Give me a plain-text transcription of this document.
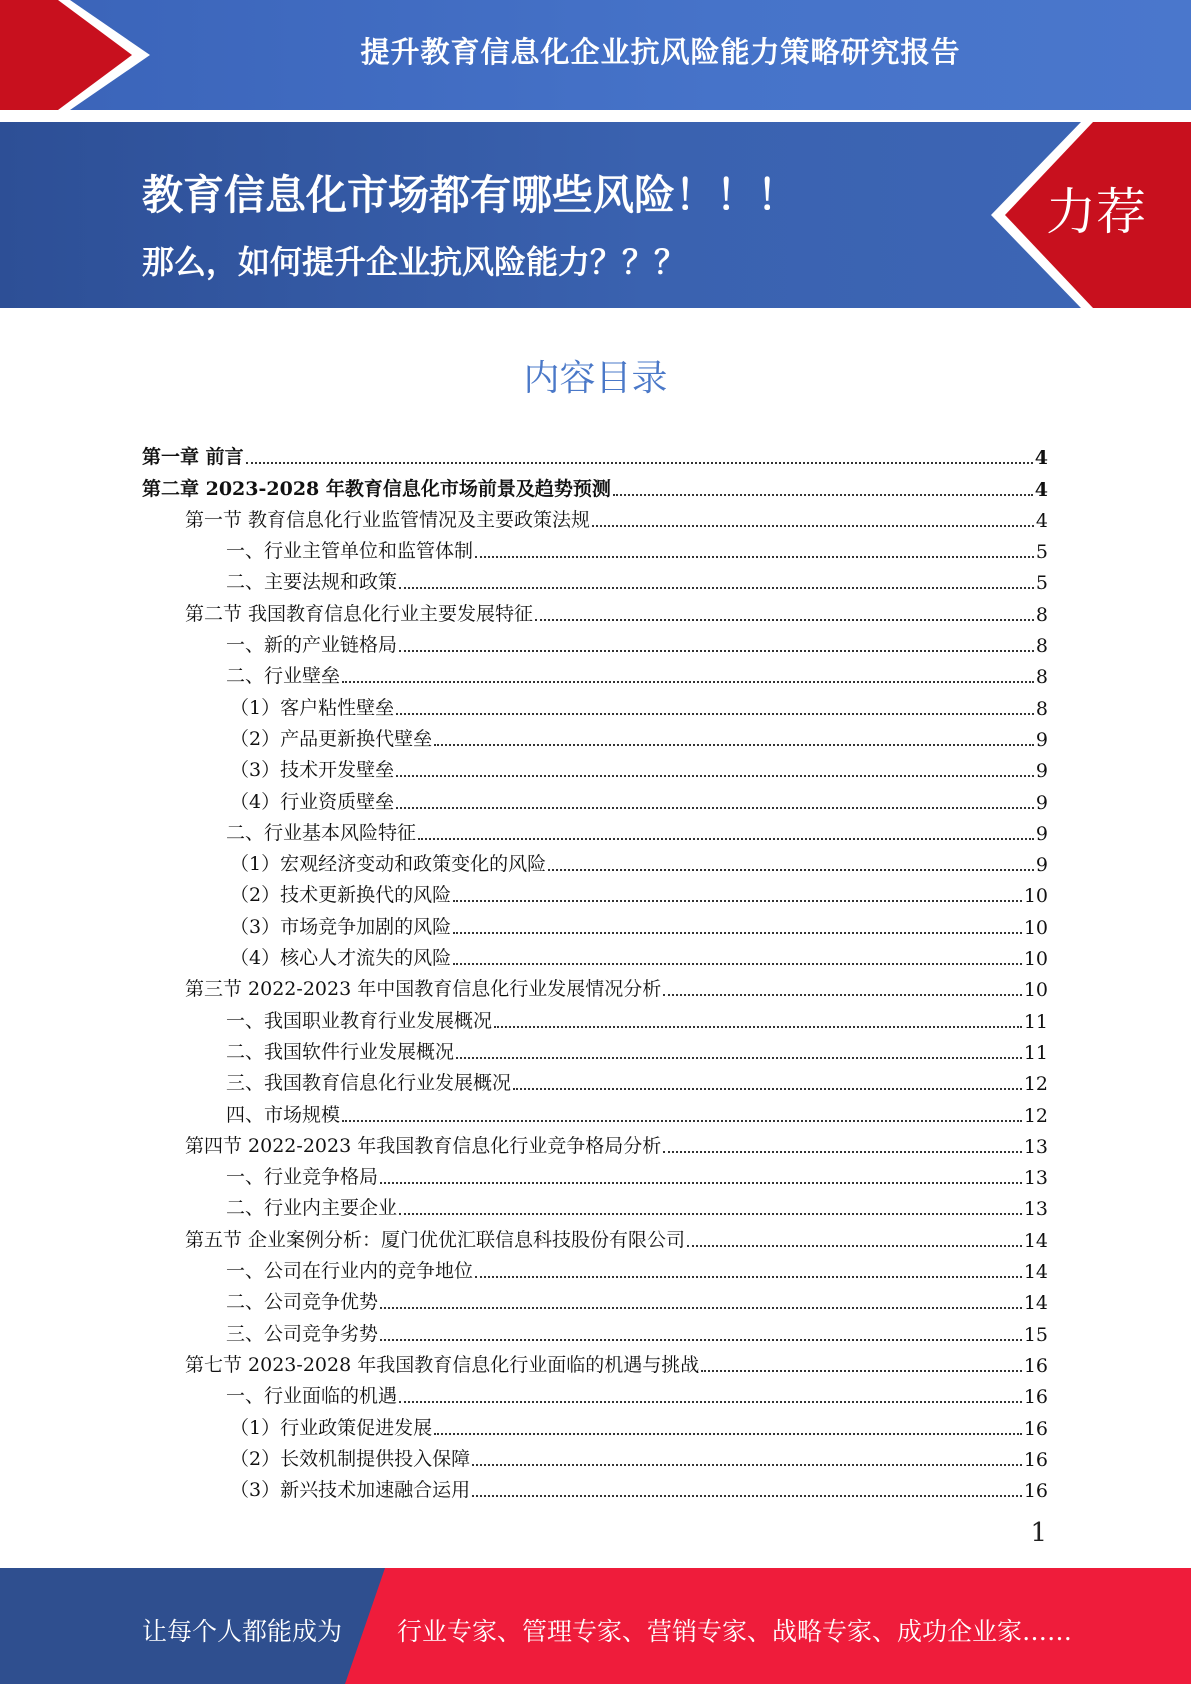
提升教育信息化企业抗风险能力策略研究报告
教育信息化市场都有哪些风险！！！
那么，如何提升企业抗风险能力？？？
力荐
内容目录
第一章 前言	4
第二章 2023-2028 年教育信息化市场前景及趋势预测	4
第一节 教育信息化行业监管情况及主要政策法规	4
一、行业主管单位和监管体制	5
二、主要法规和政策	5
第二节 我国教育信息化行业主要发展特征	8
一、新的产业链格局	8
二、行业壁垒	8
（1）客户粘性壁垒	8
（2）产品更新换代壁垒	9
（3）技术开发壁垒	9
（4）行业资质壁垒	9
二、行业基本风险特征	9
（1）宏观经济变动和政策变化的风险	9
（2）技术更新换代的风险	10
（3）市场竞争加剧的风险	10
（4）核心人才流失的风险	10
第三节 2022-2023 年中国教育信息化行业发展情况分析	10
一、我国职业教育行业发展概况	11
二、我国软件行业发展概况	11
三、我国教育信息化行业发展概况	12
四、市场规模	12
第四节 2022-2023 年我国教育信息化行业竞争格局分析	13
一、行业竞争格局	13
二、行业内主要企业	13
第五节 企业案例分析：厦门优优汇联信息科技股份有限公司	14
一、公司在行业内的竞争地位	14
二、公司竞争优势	14
三、公司竞争劣势	15
第七节 2023-2028 年我国教育信息化行业面临的机遇与挑战	16
一、行业面临的机遇	16
（1）行业政策促进发展	16
（2）长效机制提供投入保障	16
（3）新兴技术加速融合运用	16
1
让每个人都能成为 行业专家、管理专家、营销专家、战略专家、成功企业家……
